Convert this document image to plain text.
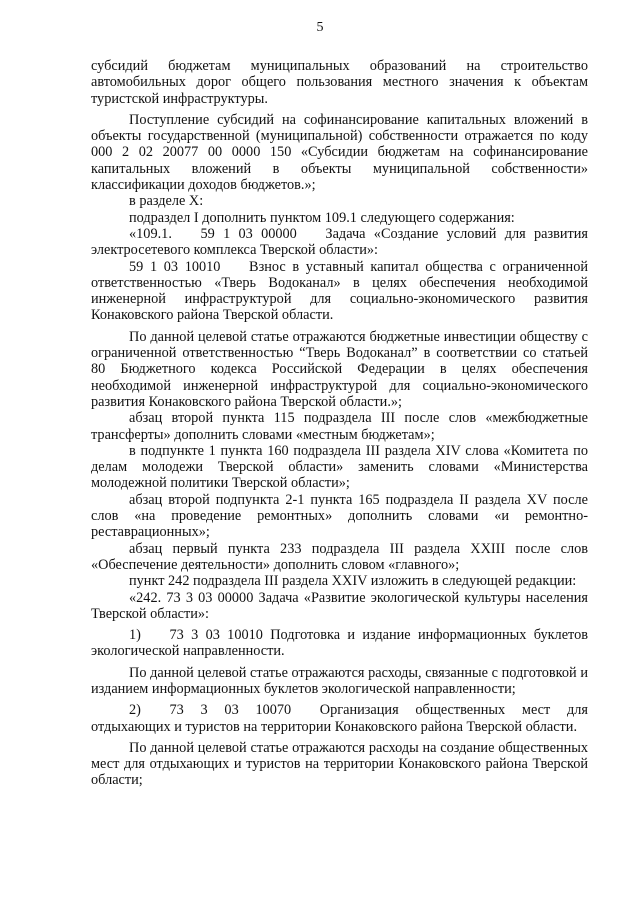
5

субсидий бюджетам муниципальных образований на строительство автомобильных дорог общего пользования местного значения к объектам туристской инфраструктуры.

Поступление субсидий на софинансирование капитальных вложений в объекты государственной (муниципальной) собственности отражается по коду 000 2 02 20077 00 0000 150 «Субсидии бюджетам на софинансирование капитальных вложений в объекты муниципальной собственности» классификации доходов бюджетов.»;

в разделе X:

подраздел I дополнить пунктом 109.1 следующего содержания:

«109.1.  59 1 03 00000  Задача «Создание условий для развития электросетевого комплекса Тверской области»:

59 1 03 10010  Взнос в уставный капитал общества с ограниченной ответственностью «Тверь Водоканал» в целях обеспечения необходимой инженерной инфраструктурой для социально-экономического развития Конаковского района Тверской области.

По данной целевой статье отражаются бюджетные инвестиции обществу с ограниченной ответственностью “Тверь Водоканал” в соответствии со статьей 80 Бюджетного кодекса Российской Федерации в целях обеспечения необходимой инженерной инфраструктурой для социально-экономического развития Конаковского района Тверской области.»;

абзац второй пункта 115 подраздела III после слов «межбюджетные трансферты» дополнить словами «местным бюджетам»;

в подпункте 1 пункта 160 подраздела III раздела XIV слова «Комитета по делам молодежи Тверской области» заменить словами «Министерства молодежной политики Тверской области»;

абзац второй подпункта 2-1 пункта 165 подраздела II раздела XV после слов «на проведение ремонтных» дополнить словами «и ремонтно-реставрационных»;

абзац первый пункта 233 подраздела III раздела XXIII после слов «Обеспечение деятельности» дополнить словом «главного»;

пункт 242 подраздела III раздела XXIV изложить в следующей редакции:

«242. 73 3 03 00000 Задача «Развитие экологической культуры населения Тверской области»:

1)  73 3 03 10010 Подготовка и издание информационных буклетов экологической направленности.

По данной целевой статье отражаются расходы, связанные с подготовкой и изданием информационных буклетов экологической направленности;

2)  73 3 03 10070  Организация общественных мест для отдыхающих и туристов на территории Конаковского района Тверской области.

По данной целевой статье отражаются расходы на создание общественных мест для отдыхающих и туристов на территории Конаковского района Тверской области;
